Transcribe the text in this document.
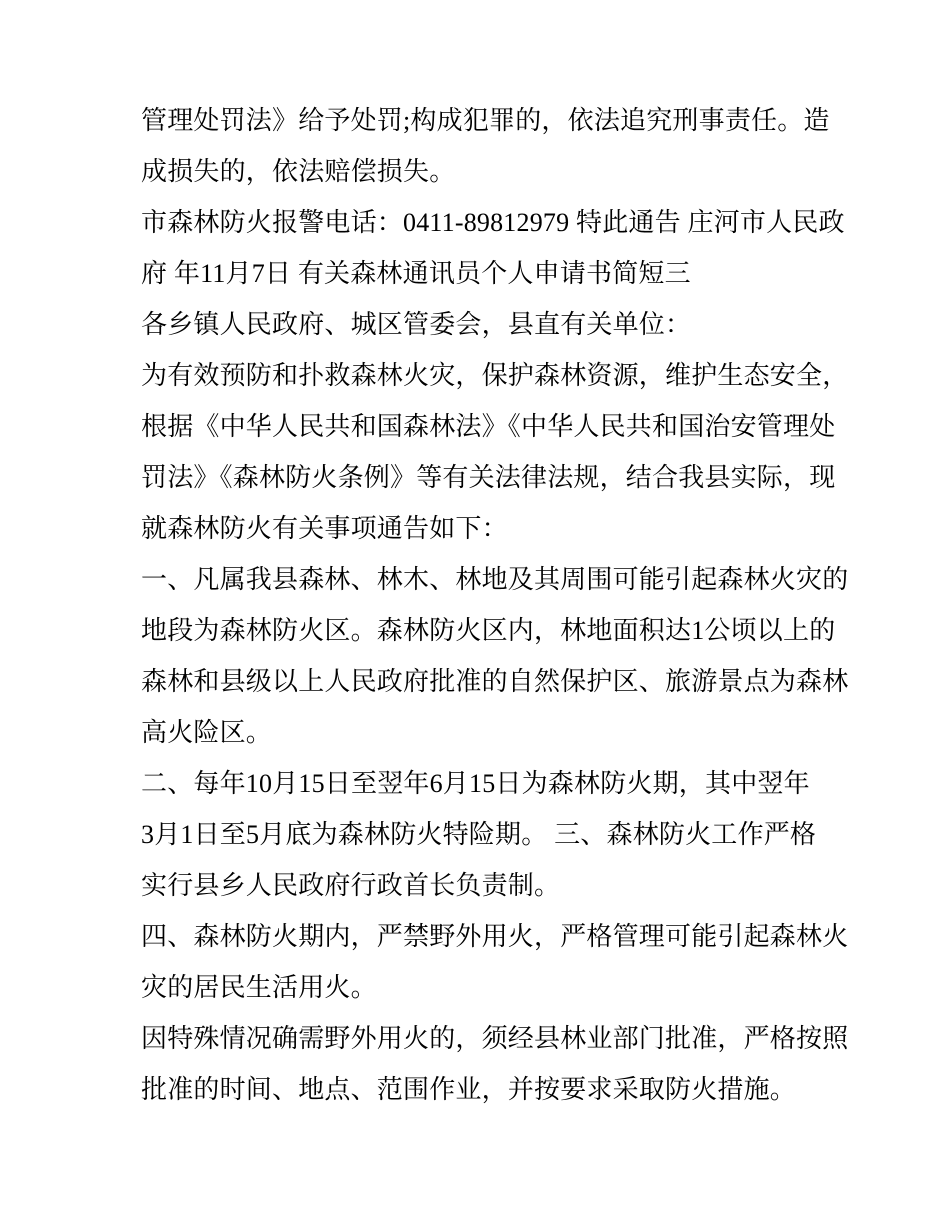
管理处罚法》给予处罚;构成犯罪的，依法追究刑事责任。造
成损失的，依法赔偿损失。
市森林防火报警电话：0411-89812979 特此通告 庄河市人民政
府 年11月7日 有关森林通讯员个人申请书简短三
各乡镇人民政府、城区管委会，县直有关单位：
为有效预防和扑救森林火灾，保护森林资源，维护生态安全，
根据《中华人民共和国森林法》《中华人民共和国治安管理处
罚法》《森林防火条例》等有关法律法规，结合我县实际，现
就森林防火有关事项通告如下：
一、凡属我县森林、林木、林地及其周围可能引起森林火灾的
地段为森林防火区。森林防火区内，林地面积达1公顷以上的
森林和县级以上人民政府批准的自然保护区、旅游景点为森林
高火险区。
二、每年10月15日至翌年6月15日为森林防火期，其中翌年
3月1日至5月底为森林防火特险期。 三、森林防火工作严格
实行县乡人民政府行政首长负责制。
四、森林防火期内，严禁野外用火，严格管理可能引起森林火
灾的居民生活用火。
因特殊情况确需野外用火的，须经县林业部门批准，严格按照
批准的时间、地点、范围作业，并按要求采取防火措施。
